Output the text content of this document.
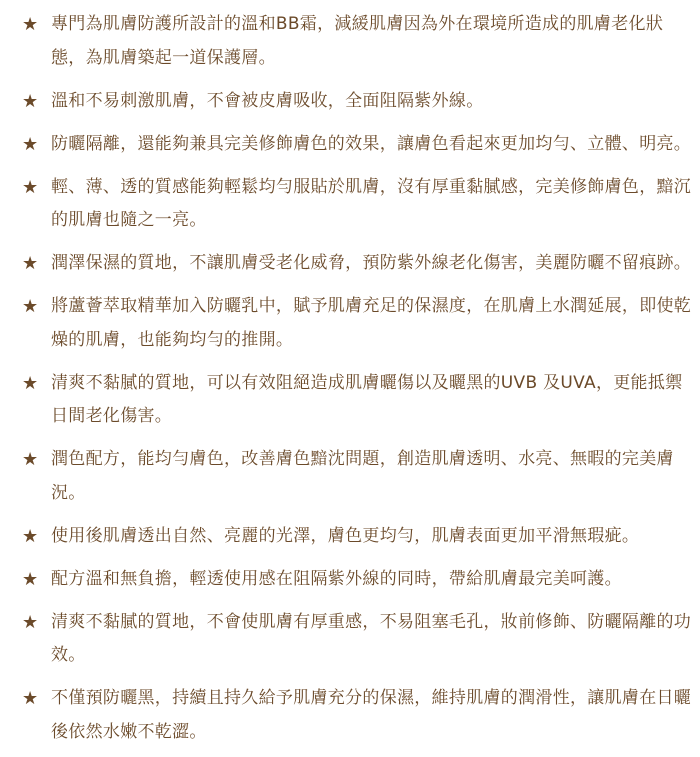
★ 專門為肌膚防護所設計的溫和BB霜，減緩肌膚因為外在環境所造成的肌膚老化狀態，為肌膚築起一道保護層。
★ 溫和不易刺激肌膚，不會被皮膚吸收，全面阻隔紫外線。
★ 防曬隔離，還能夠兼具完美修飾膚色的效果，讓膚色看起來更加均勻、立體、明亮。
★ 輕、薄、透的質感能夠輕鬆均勻服貼於肌膚，沒有厚重黏膩感，完美修飾膚色，黯沉的肌膚也隨之一亮。
★ 潤澤保濕的質地，不讓肌膚受老化威脅，預防紫外線老化傷害，美麗防曬不留痕跡。
★ 將蘆薈萃取精華加入防曬乳中，賦予肌膚充足的保濕度，在肌膚上水潤延展，即使乾燥的肌膚，也能夠均勻的推開。
★ 清爽不黏膩的質地，可以有效阻絕造成肌膚曬傷以及曬黑的UVB 及UVA，更能抵禦日間老化傷害。
★ 潤色配方，能均勻膚色，改善膚色黯沈問題，創造肌膚透明、水亮、無暇的完美膚況。
★ 使用後肌膚透出自然、亮麗的光澤，膚色更均勻，肌膚表面更加平滑無瑕疵。
★ 配方溫和無負擔，輕透使用感在阻隔紫外線的同時，帶給肌膚最完美呵護。
★ 清爽不黏膩的質地，不會使肌膚有厚重感，不易阻塞毛孔，妝前修飾、防曬隔離的功效。
★ 不僅預防曬黑，持續且持久給予肌膚充分的保濕，維持肌膚的潤滑性，讓肌膚在日曬後依然水嫩不乾澀。
